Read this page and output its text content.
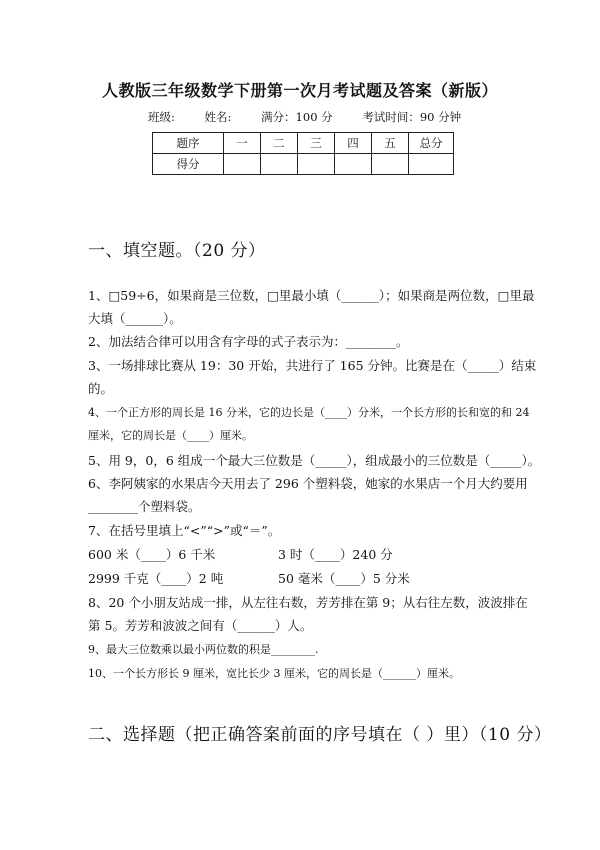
人教版三年级数学下册第一次月考试题及答案（新版）
班级:	姓名:	满分：100 分	考试时间：90 分钟
题序	一	二	三	四	五	总分
得分						
一、填空题。（20 分）
1、□59÷6，如果商是三位数，□里最小填（______）；如果商是两位数，□里最
大填（______）。
2、加法结合律可以用含有字母的式子表示为：________。
3、一场排球比赛从 19：30 开始，共进行了 165 分钟。比赛是在（_____）结束
的。
4、一个正方形的周长是 16 分米，它的边长是（____）分米，一个长方形的长和宽的和 24
厘米，它的周长是（____）厘米。
5、用 9，0，6 组成一个最大三位数是（_____），组成最小的三位数是（_____）。
6、李阿姨家的水果店今天用去了 296 个塑料袋，她家的水果店一个月大约要用
________个塑料袋。
7、在括号里填上“<”“>”或“＝”。
600 米（____）6 千米	3 时（____）240 分
2999 千克（____）2 吨	50 毫米（____）5 分米
8、20 个小朋友站成一排，从左往右数，芳芳排在第 9；从右往左数，波波排在
第 5。芳芳和波波之间有（______）人。
9、最大三位数乘以最小两位数的积是________.
10、一个长方形长 9 厘米，宽比长少 3 厘米，它的周长是（______）厘米。
二、选择题（把正确答案前面的序号填在（ ）里）（10 分）
